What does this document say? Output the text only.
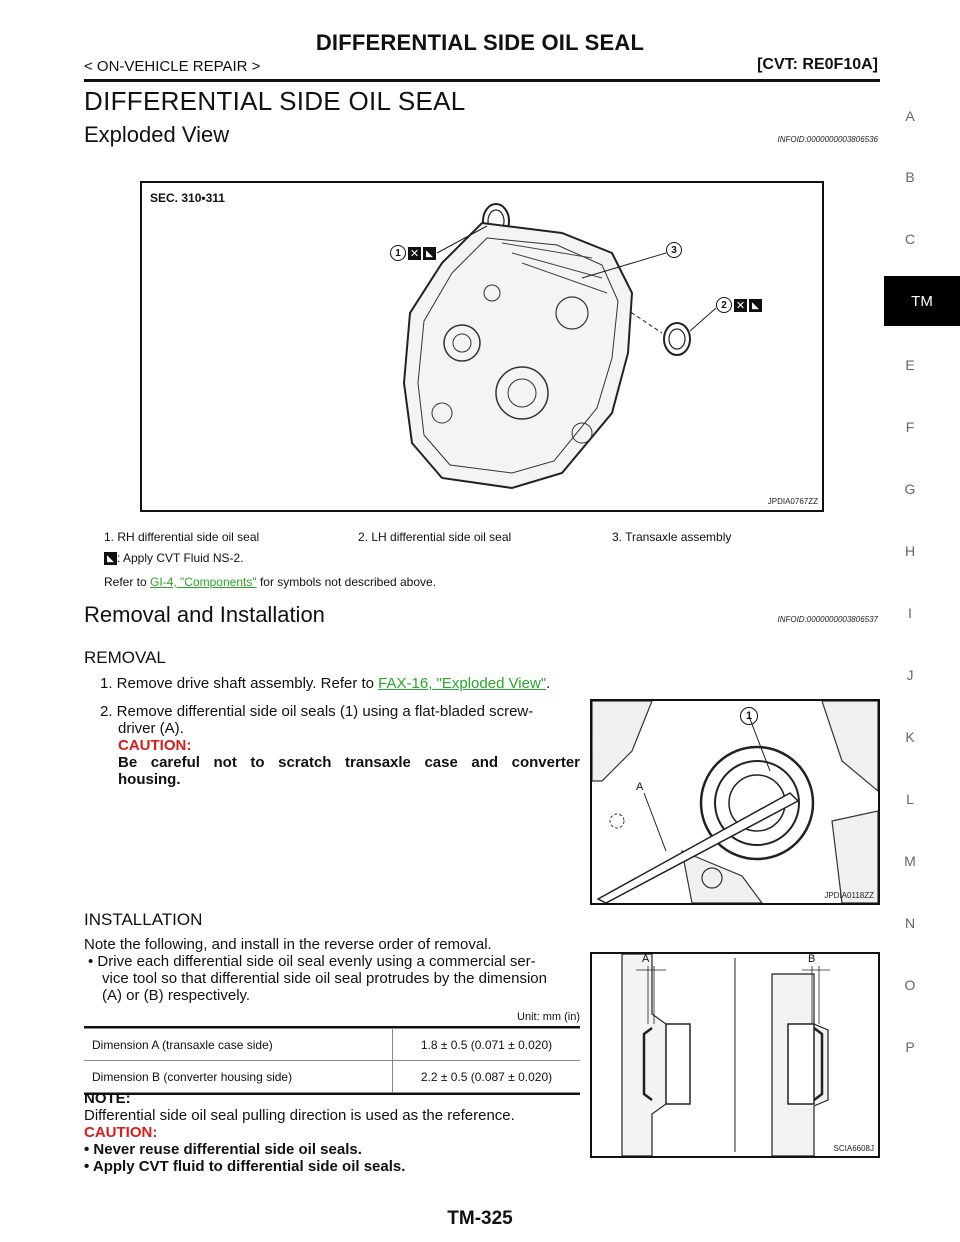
DIFFERENTIAL SIDE OIL SEAL
< ON-VEHICLE REPAIR >	[CVT: RE0F10A]
DIFFERENTIAL SIDE OIL SEAL	A
B
C
TM
E
F
G
H
I
J
K
L
M
N
O
P
Exploded View	INFOID:0000000003806536
SEC. 310•311
1 ✕ ◣	3
2 ✕ ◣
JPDIA0767ZZ
1. RH differential side oil seal	2. LH differential side oil seal	3. Transaxle assembly
◣ : Apply CVT Fluid NS-2.
Refer to GI-4, "Components" for symbols not described above.
Removal and Installation	INFOID:0000000003806537
REMOVAL
1. Remove drive shaft assembly. Refer to FAX-16, "Exploded View".
2. Remove differential side oil seals (1) using a flat-bladed screw-
driver (A).
CAUTION:
Be careful not to scratch transaxle case and converter
housing.
1
A
JPDIA0118ZZ
INSTALLATION
Note the following, and install in the reverse order of removal.
• Drive each differential side oil seal evenly using a commercial ser-
vice tool so that differential side oil seal protrudes by the dimension
(A) or (B) respectively.
Unit: mm (in)
Dimension A (transaxle case side)	1.8 ± 0.5 (0.071 ± 0.020)
Dimension B (converter housing side)	2.2 ± 0.5 (0.087 ± 0.020)
NOTE:
Differential side oil seal pulling direction is used as the reference.
CAUTION:
• Never reuse differential side oil seals.
• Apply CVT fluid to differential side oil seals.
A	B
SCIA6608J
TM-325
